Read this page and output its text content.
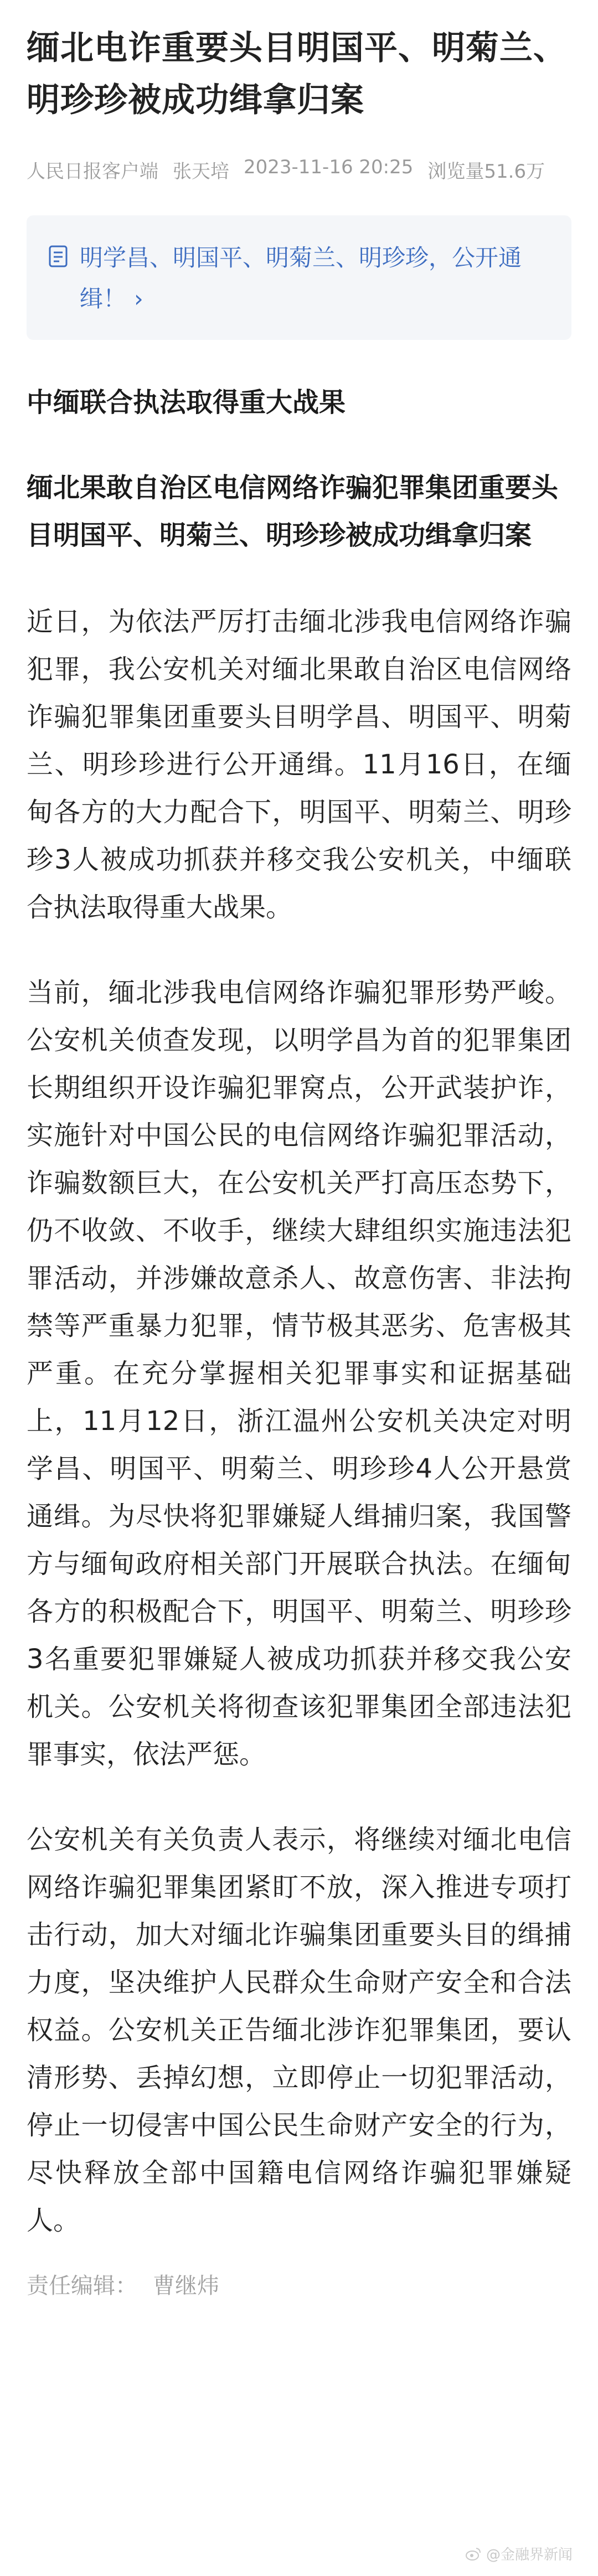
缅北电诈重要头目明国平、明菊兰、明珍珍被成功缉拿归案
人民日报客户端 张天培 2023-11-16 20:25 浏览量51.6万
明学昌、明国平、明菊兰、明珍珍，公开通缉！ ›
中缅联合执法取得重大战果
缅北果敢自治区电信网络诈骗犯罪集团重要头目明国平、明菊兰、明珍珍被成功缉拿归案

近日，为依法严厉打击缅北涉我电信网络诈骗犯罪，我公安机关对缅北果敢自治区电信网络诈骗犯罪集团重要头目明学昌、明国平、明菊兰、明珍珍进行公开通缉。11月16日，在缅甸各方的大力配合下，明国平、明菊兰、明珍珍3人被成功抓获并移交我公安机关，中缅联合执法取得重大战果。

当前，缅北涉我电信网络诈骗犯罪形势严峻。公安机关侦查发现，以明学昌为首的犯罪集团长期组织开设诈骗犯罪窝点，公开武装护诈，实施针对中国公民的电信网络诈骗犯罪活动，诈骗数额巨大，在公安机关严打高压态势下，仍不收敛、不收手，继续大肆组织实施违法犯罪活动，并涉嫌故意杀人、故意伤害、非法拘禁等严重暴力犯罪，情节极其恶劣、危害极其严重。在充分掌握相关犯罪事实和证据基础上，11月12日，浙江温州公安机关决定对明学昌、明国平、明菊兰、明珍珍4人公开悬赏通缉。为尽快将犯罪嫌疑人缉捕归案，我国警方与缅甸政府相关部门开展联合执法。在缅甸各方的积极配合下，明国平、明菊兰、明珍珍3名重要犯罪嫌疑人被成功抓获并移交我公安机关。公安机关将彻查该犯罪集团全部违法犯罪事实，依法严惩。

公安机关有关负责人表示，将继续对缅北电信网络诈骗犯罪集团紧盯不放，深入推进专项打击行动，加大对缅北诈骗集团重要头目的缉捕力度，坚决维护人民群众生命财产安全和合法权益。公安机关正告缅北涉诈犯罪集团，要认清形势、丢掉幻想，立即停止一切犯罪活动，停止一切侵害中国公民生命财产安全的行为，尽快释放全部中国籍电信网络诈骗犯罪嫌疑人。

责任编辑： 曹继炜
@金融界新闻
